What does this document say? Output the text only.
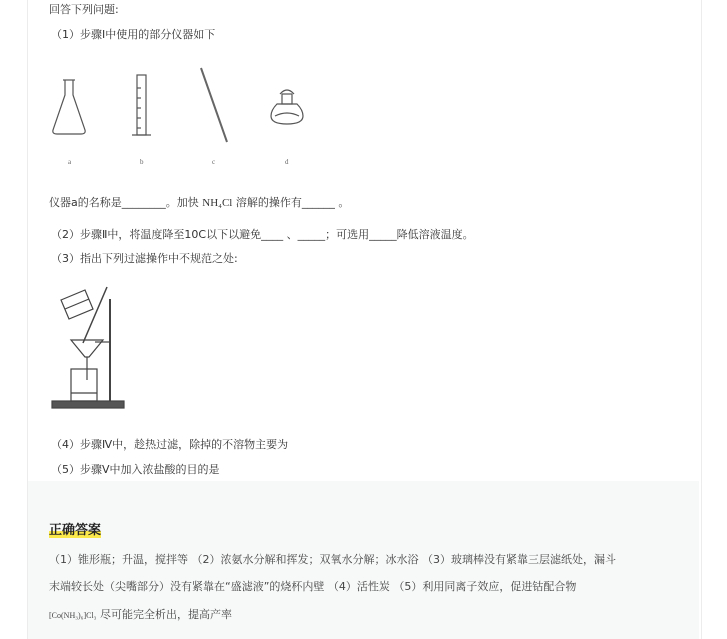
回答下列问题:
（1）步骤Ⅰ中使用的部分仪器如下
a	b	c	d
仪器a的名称是________。加快 NH₄Cl 溶解的操作有______ 。
（2）步骤Ⅱ中，将温度降至10C以下以避免____ 、_____；可选用_____降低溶液温度。
（3）指出下列过滤操作中不规范之处:
（4）步骤Ⅳ中，趁热过滤，除掉的不溶物主要为
（5）步骤Ⅴ中加入浓盐酸的目的是
正确答案
（1）锥形瓶；升温，搅拌等 （2）浓氨水分解和挥发；双氧水分解；冰水浴 （3）玻璃棒没有紧靠三层滤纸处，漏斗
末端较长处（尖嘴部分）没有紧靠在“盛滤液”的烧杯内壁 （4）活性炭 （5）利用同离子效应，促进钴配合物
[Co(NH₃)₆]Cl₃ 尽可能完全析出，提高产率
